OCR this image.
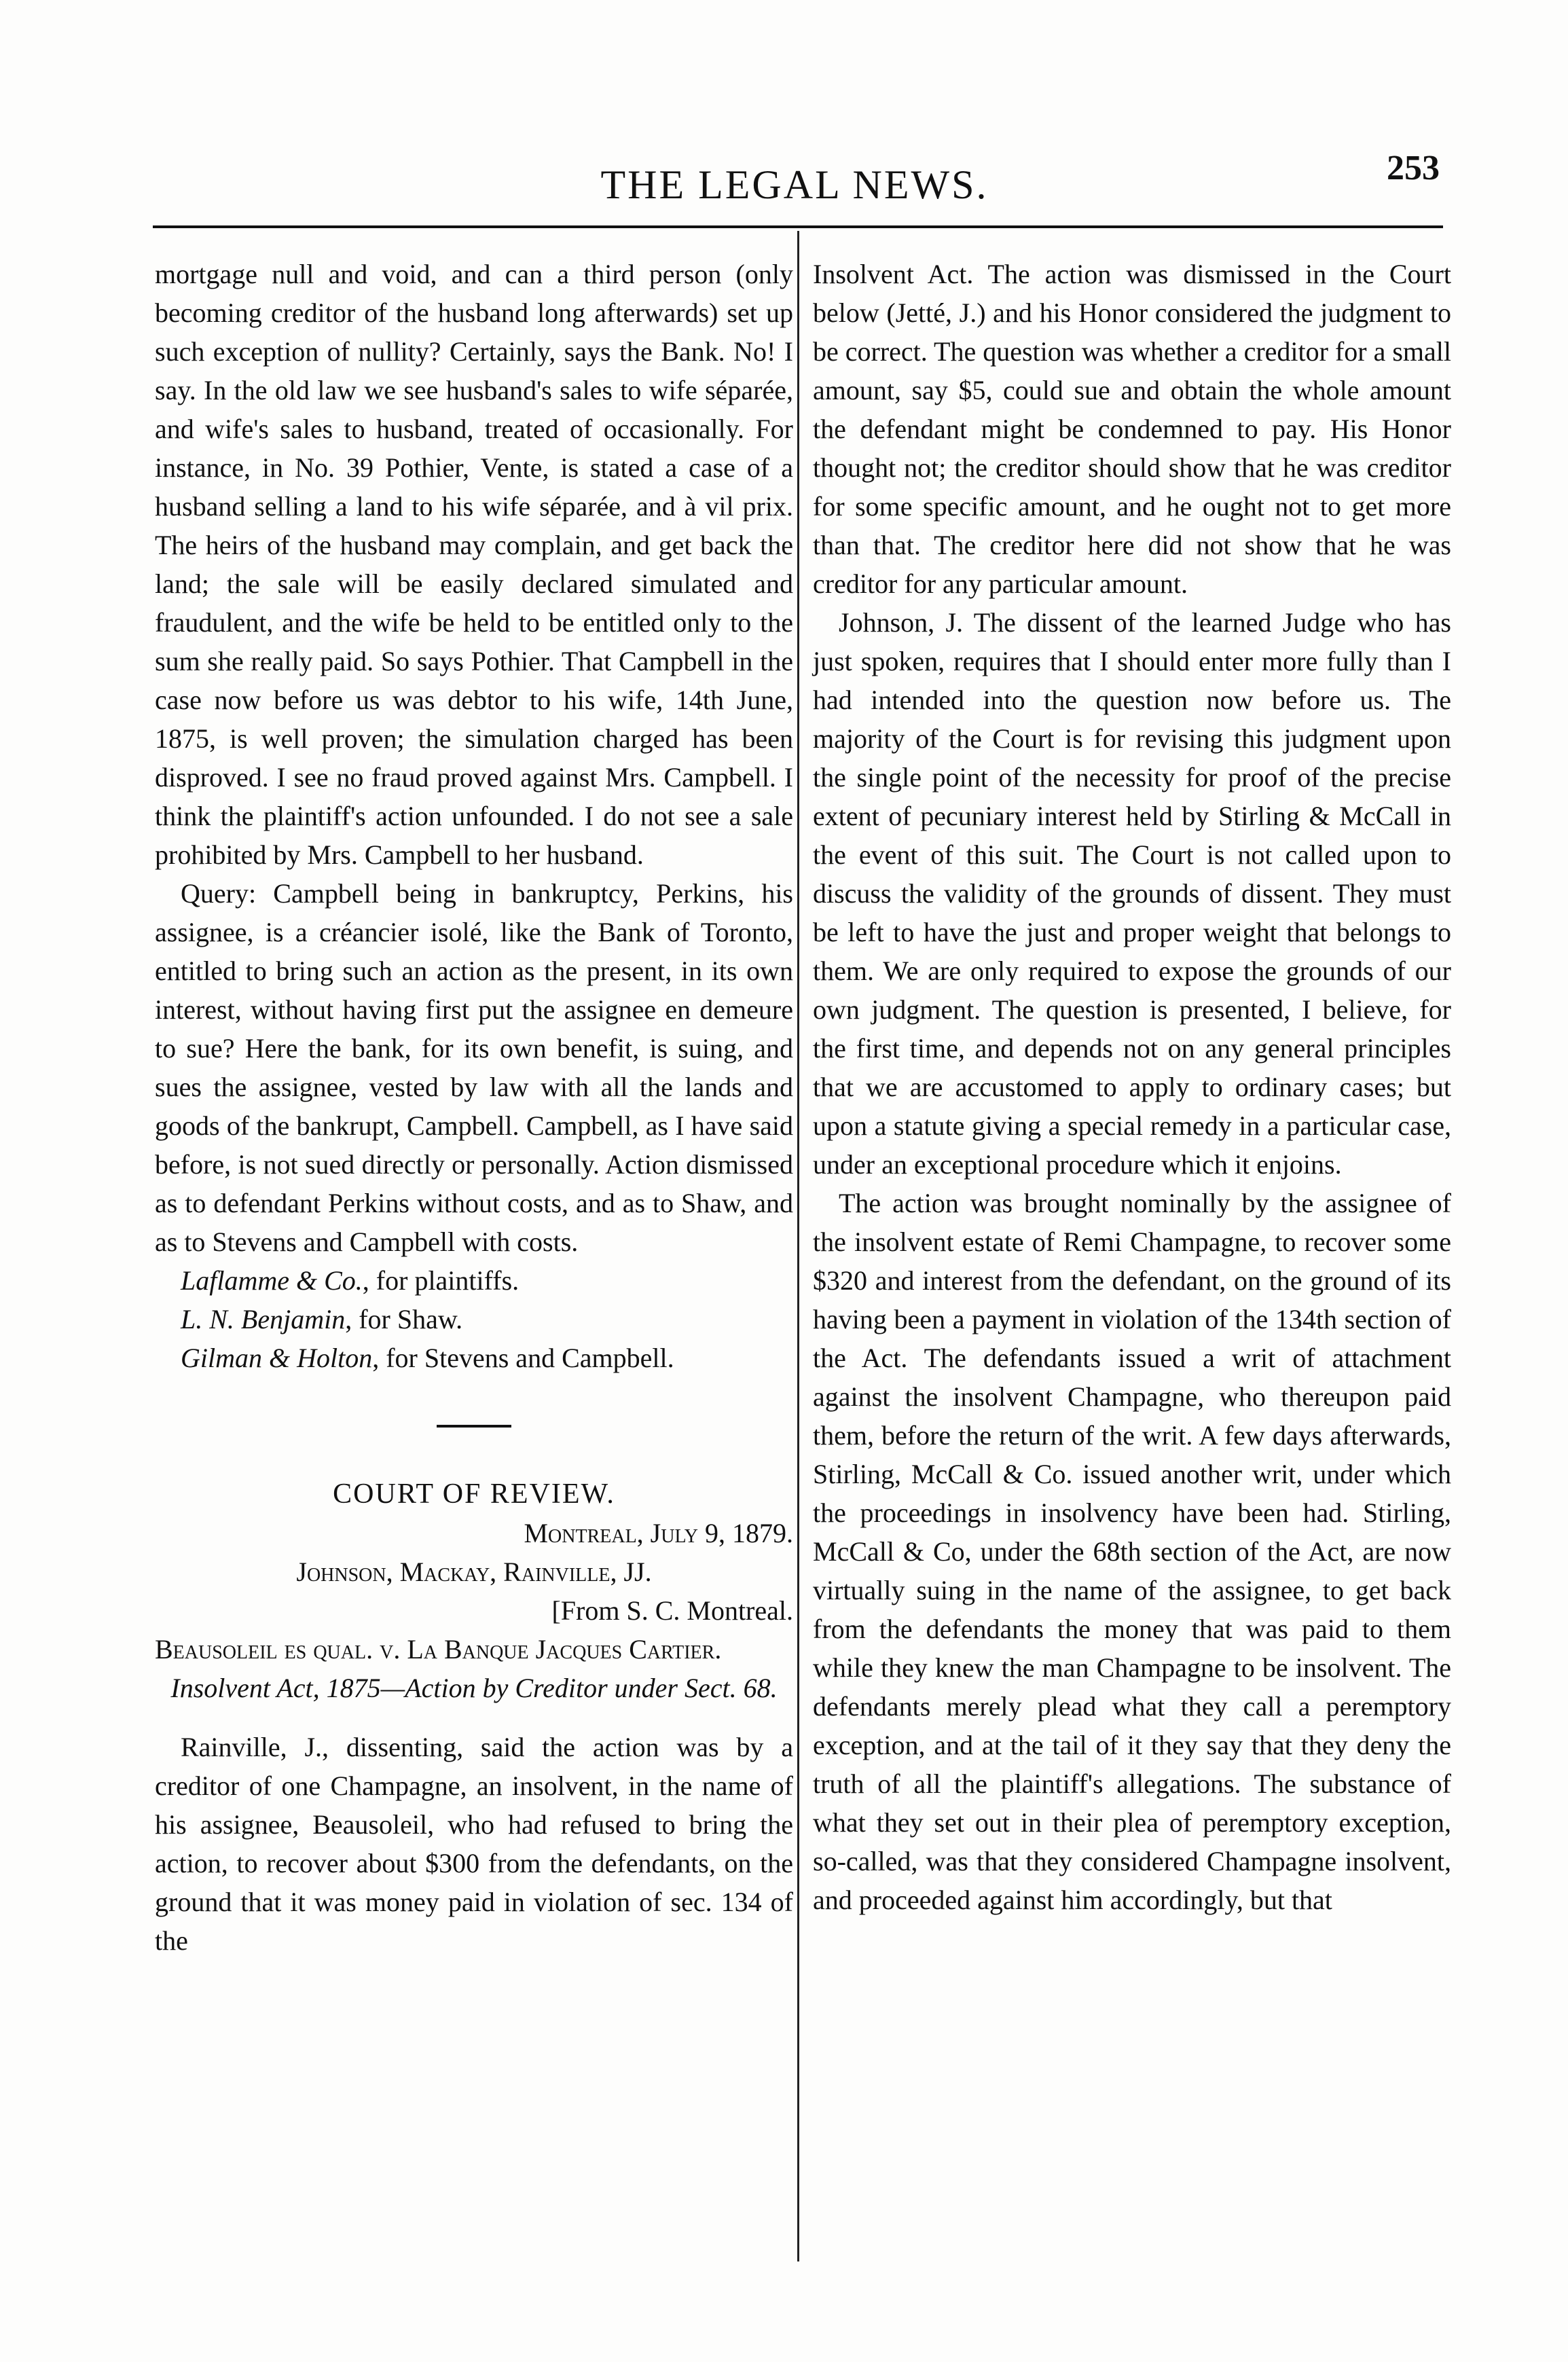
THE LEGAL NEWS.	253

mortgage null and void, and can a third person (only becoming creditor of the husband long afterwards) set up such exception of nullity? Certainly, says the Bank. No! I say. In the old law we see husband's sales to wife séparée, and wife's sales to husband, treated of occasionally. For instance, in No. 39 Pothier, Vente, is stated a case of a husband selling a land to his wife séparée, and à vil prix. The heirs of the husband may complain, and get back the land; the sale will be easily declared simulated and fraudulent, and the wife be held to be entitled only to the sum she really paid. So says Pothier. That Campbell in the case now before us was debtor to his wife, 14th June, 1875, is well proven; the simulation charged has been disproved. I see no fraud proved against Mrs. Campbell. I think the plaintiff's action unfounded. I do not see a sale prohibited by Mrs. Campbell to her husband.

Query: Campbell being in bankruptcy, Perkins, his assignee, is a créancier isolé, like the Bank of Toronto, entitled to bring such an action as the present, in its own interest, without having first put the assignee en demeure to sue? Here the bank, for its own benefit, is suing, and sues the assignee, vested by law with all the lands and goods of the bankrupt, Campbell. Campbell, as I have said before, is not sued directly or personally. Action dismissed as to defendant Perkins without costs, and as to Shaw, and as to Stevens and Campbell with costs.

Laflamme & Co., for plaintiffs.

L. N. Benjamin, for Shaw.

Gilman & Holton, for Stevens and Campbell.

COURT OF REVIEW.

Montreal, July 9, 1879.

Johnson, Mackay, Rainville, JJ.

[From S. C. Montreal.

Beausoleil es qual. v. La Banque Jacques Cartier.

Insolvent Act, 1875—Action by Creditor under Sect. 68.

Rainville, J., dissenting, said the action was by a creditor of one Champagne, an insolvent, in the name of his assignee, Beausoleil, who had refused to bring the action, to recover about $300 from the defendants, on the ground that it was money paid in violation of sec. 134 of the

Insolvent Act. The action was dismissed in the Court below (Jetté, J.) and his Honor considered the judgment to be correct. The question was whether a creditor for a small amount, say $5, could sue and obtain the whole amount the defendant might be condemned to pay. His Honor thought not; the creditor should show that he was creditor for some specific amount, and he ought not to get more than that. The creditor here did not show that he was creditor for any particular amount.

Johnson, J. The dissent of the learned Judge who has just spoken, requires that I should enter more fully than I had intended into the question now before us. The majority of the Court is for revising this judgment upon the single point of the necessity for proof of the precise extent of pecuniary interest held by Stirling & McCall in the event of this suit. The Court is not called upon to discuss the validity of the grounds of dissent. They must be left to have the just and proper weight that belongs to them. We are only required to expose the grounds of our own judgment. The question is presented, I believe, for the first time, and depends not on any general principles that we are accustomed to apply to ordinary cases; but upon a statute giving a special remedy in a particular case, under an exceptional procedure which it enjoins.

The action was brought nominally by the assignee of the insolvent estate of Remi Champagne, to recover some $320 and interest from the defendant, on the ground of its having been a payment in violation of the 134th section of the Act. The defendants issued a writ of attachment against the insolvent Champagne, who thereupon paid them, before the return of the writ. A few days afterwards, Stirling, McCall & Co. issued another writ, under which the proceedings in insolvency have been had. Stirling, McCall & Co, under the 68th section of the Act, are now virtually suing in the name of the assignee, to get back from the defendants the money that was paid to them while they knew the man Champagne to be insolvent. The defendants merely plead what they call a peremptory exception, and at the tail of it they say that they deny the truth of all the plaintiff's allegations. The substance of what they set out in their plea of peremptory exception, so-called, was that they considered Champagne insolvent, and proceeded against him accordingly, but that
